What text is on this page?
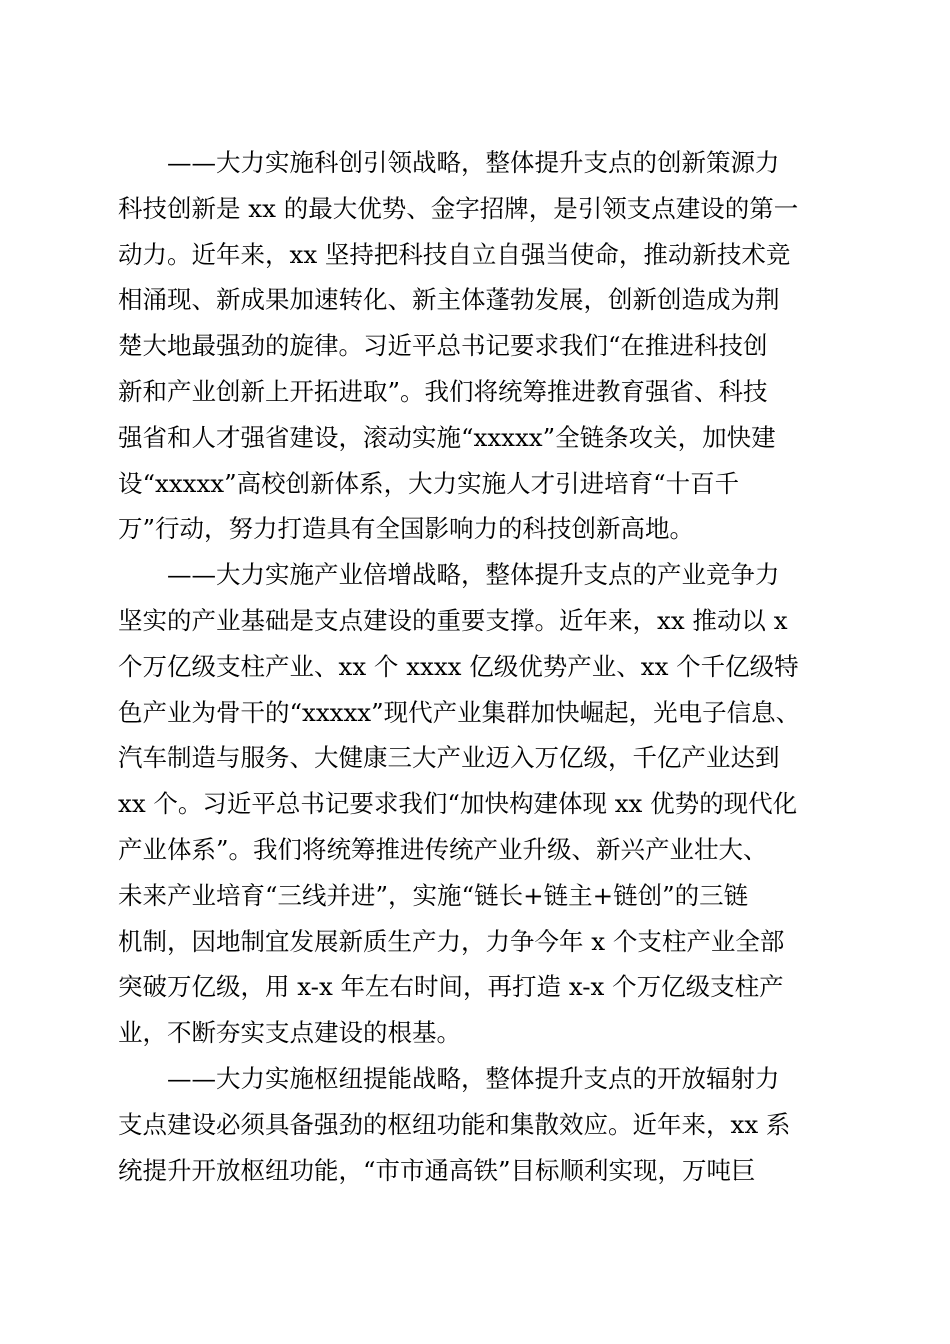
——大力实施科创引领战略，整体提升支点的创新策源力
科技创新是 xx 的最大优势、金字招牌，是引领支点建设的第一
动力。近年来，xx 坚持把科技自立自强当使命，推动新技术竞
相涌现、新成果加速转化、新主体蓬勃发展，创新创造成为荆
楚大地最强劲的旋律。习近平总书记要求我们“在推进科技创
新和产业创新上开拓进取”。我们将统筹推进教育强省、科技
强省和人才强省建设，滚动实施“xxxxx”全链条攻关，加快建
设“xxxxx”高校创新体系，大力实施人才引进培育“十百千
万”行动，努力打造具有全国影响力的科技创新高地。
——大力实施产业倍增战略，整体提升支点的产业竞争力
坚实的产业基础是支点建设的重要支撑。近年来，xx 推动以 x
个万亿级支柱产业、xx 个 xxxx 亿级优势产业、xx 个千亿级特
色产业为骨干的“xxxxx”现代产业集群加快崛起，光电子信息、
汽车制造与服务、大健康三大产业迈入万亿级，千亿产业达到
xx 个。习近平总书记要求我们“加快构建体现 xx 优势的现代化
产业体系”。我们将统筹推进传统产业升级、新兴产业壮大、
未来产业培育“三线并进”，实施“链长+链主+链创”的三链
机制，因地制宜发展新质生产力，力争今年 x 个支柱产业全部
突破万亿级，用 x-x 年左右时间，再打造 x-x 个万亿级支柱产
业，不断夯实支点建设的根基。
——大力实施枢纽提能战略，整体提升支点的开放辐射力
支点建设必须具备强劲的枢纽功能和集散效应。近年来，xx 系
统提升开放枢纽功能，“市市通高铁”目标顺利实现，万吨巨
